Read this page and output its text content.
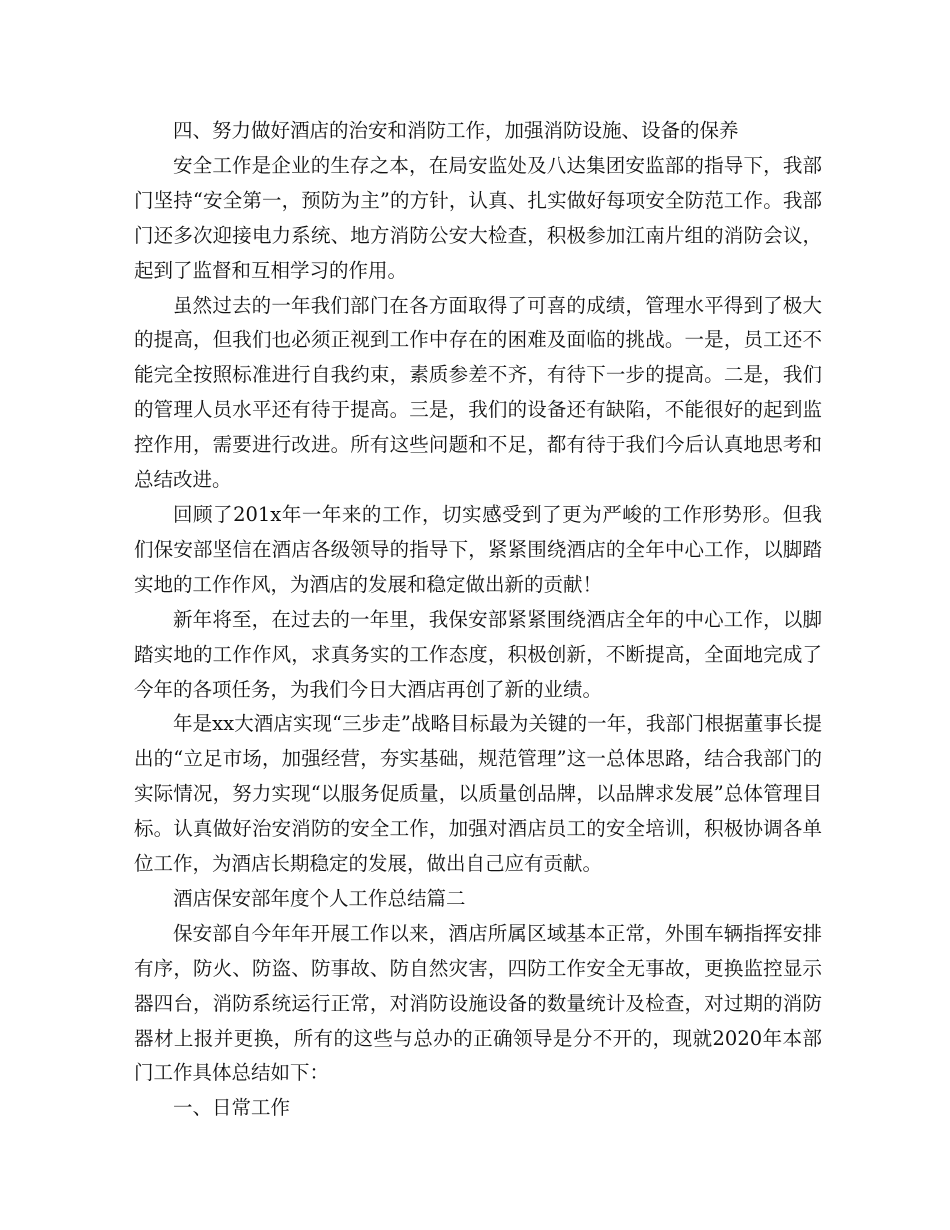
四、努力做好酒店的治安和消防工作，加强消防设施、设备的保养

安全工作是企业的生存之本，在局安监处及八达集团安监部的指导下，我部门坚持“安全第一，预防为主”的方针，认真、扎实做好每项安全防范工作。我部门还多次迎接电力系统、地方消防公安大检查，积极参加江南片组的消防会议，起到了监督和互相学习的作用。

虽然过去的一年我们部门在各方面取得了可喜的成绩，管理水平得到了极大的提高，但我们也必须正视到工作中存在的困难及面临的挑战。一是，员工还不能完全按照标准进行自我约束，素质参差不齐，有待下一步的提高。二是，我们的管理人员水平还有待于提高。三是，我们的设备还有缺陷，不能很好的起到监控作用，需要进行改进。所有这些问题和不足，都有待于我们今后认真地思考和总结改进。

回顾了201x年一年来的工作，切实感受到了更为严峻的工作形势形。但我们保安部坚信在酒店各级领导的指导下，紧紧围绕酒店的全年中心工作，以脚踏实地的工作作风，为酒店的发展和稳定做出新的贡献！

新年将至，在过去的一年里，我保安部紧紧围绕酒店全年的中心工作，以脚踏实地的工作作风，求真务实的工作态度，积极创新，不断提高，全面地完成了今年的各项任务，为我们今日大酒店再创了新的业绩。

年是xx大酒店实现“三步走”战略目标最为关键的一年，我部门根据董事长提出的“立足市场，加强经营，夯实基础，规范管理”这一总体思路，结合我部门的实际情况，努力实现“以服务促质量，以质量创品牌，以品牌求发展”总体管理目标。认真做好治安消防的安全工作，加强对酒店员工的安全培训，积极协调各单位工作，为酒店长期稳定的发展，做出自己应有贡献。

酒店保安部年度个人工作总结篇二

保安部自今年年开展工作以来，酒店所属区域基本正常，外围车辆指挥安排有序，防火、防盗、防事故、防自然灾害，四防工作安全无事故，更换监控显示器四台，消防系统运行正常，对消防设施设备的数量统计及检查，对过期的消防器材上报并更换，所有的这些与总办的正确领导是分不开的，现就2020年本部门工作具体总结如下：

一、日常工作
